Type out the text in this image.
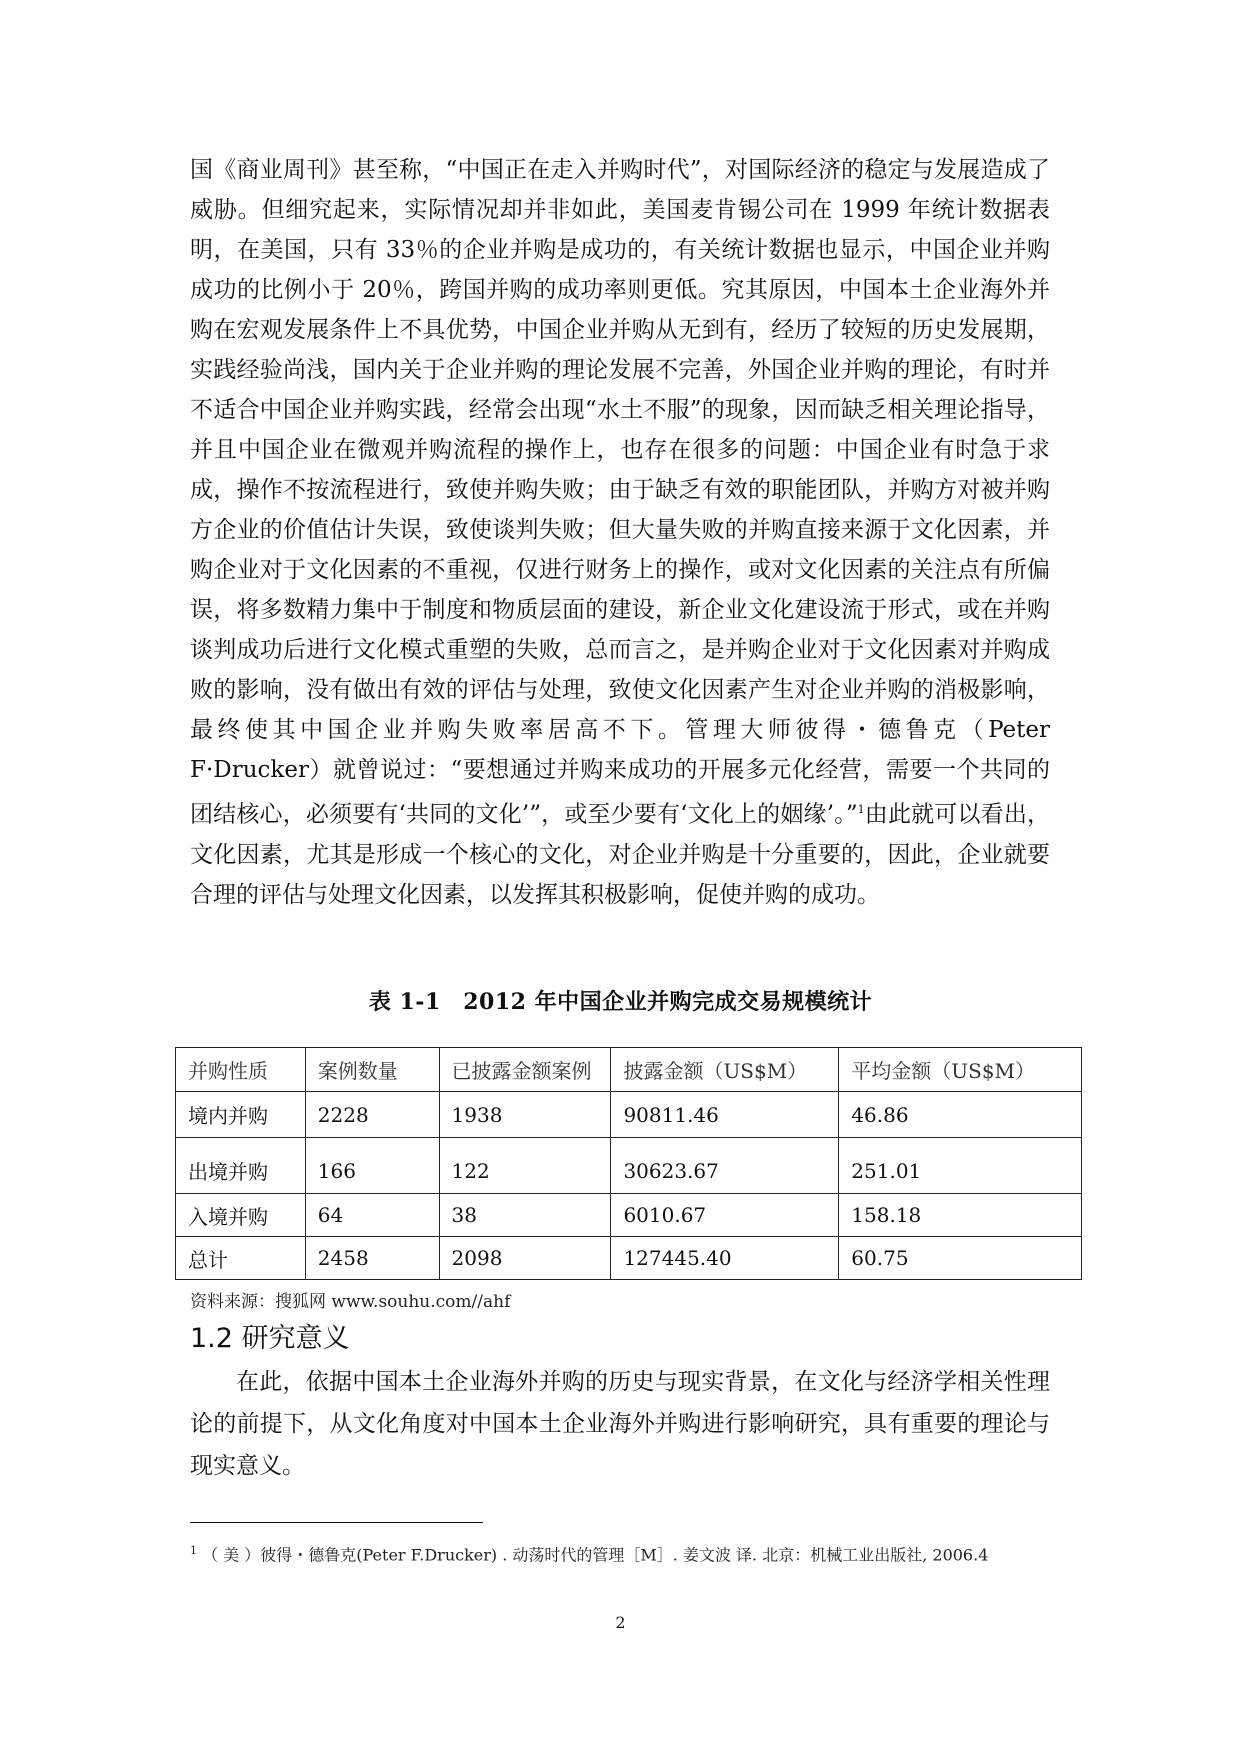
国《商业周刊》甚至称，“中国正在走入并购时代”，对国际经济的稳定与发展造成了威胁。但细究起来，实际情况却并非如此，美国麦肯锡公司在 1999 年统计数据表明，在美国，只有 33％的企业并购是成功的，有关统计数据也显示，中国企业并购成功的比例小于 20％，跨国并购的成功率则更低。究其原因，中国本土企业海外并购在宏观发展条件上不具优势，中国企业并购从无到有，经历了较短的历史发展期，实践经验尚浅，国内关于企业并购的理论发展不完善，外国企业并购的理论，有时并不适合中国企业并购实践，经常会出现“水土不服”的现象，因而缺乏相关理论指导，并且中国企业在微观并购流程的操作上，也存在很多的问题：中国企业有时急于求成，操作不按流程进行，致使并购失败；由于缺乏有效的职能团队，并购方对被并购方企业的价值估计失误，致使谈判失败；但大量失败的并购直接来源于文化因素，并购企业对于文化因素的不重视，仅进行财务上的操作，或对文化因素的关注点有所偏误，将多数精力集中于制度和物质层面的建设，新企业文化建设流于形式，或在并购谈判成功后进行文化模式重塑的失败，总而言之，是并购企业对于文化因素对并购成败的影响，没有做出有效的评估与处理，致使文化因素产生对企业并购的消极影响，最终使其中国企业并购失败率居高不下。管理大师彼得・德鲁克（Peter F·Drucker）就曾说过：“要想通过并购来成功的开展多元化经营，需要一个共同的团结核心，必须要有‘共同的文化’”，或至少要有‘文化上的姻缘’。”$^1$由此就可以看出，文化因素，尤其是形成一个核心的文化，对企业并购是十分重要的，因此，企业就要合理的评估与处理文化因素，以发挥其积极影响，促使并购的成功。

表 1-1　2012 年中国企业并购完成交易规模统计

并购性质	案例数量	已披露金额案例	披露金额（US$M）	平均金额（US$M）
境内并购	2228	1938	90811.46	46.86
出境并购	166	122	30623.67	251.01
入境并购	64	38	6010.67	158.18
总计	2458	2098	127445.40	60.75

资料来源：搜狐网 www.souhu.com//ahf

1.2 研究意义

在此，依据中国本土企业海外并购的历史与现实背景，在文化与经济学相关性理论的前提下，从文化角度对中国本土企业海外并购进行影响研究，具有重要的理论与现实意义。

$^1$ （ 美 ）彼得・德鲁克(Peter F.Drucker) . 动荡时代的管理［M］. 姜文波 译. 北京：机械工业出版社, 2006.4

2
